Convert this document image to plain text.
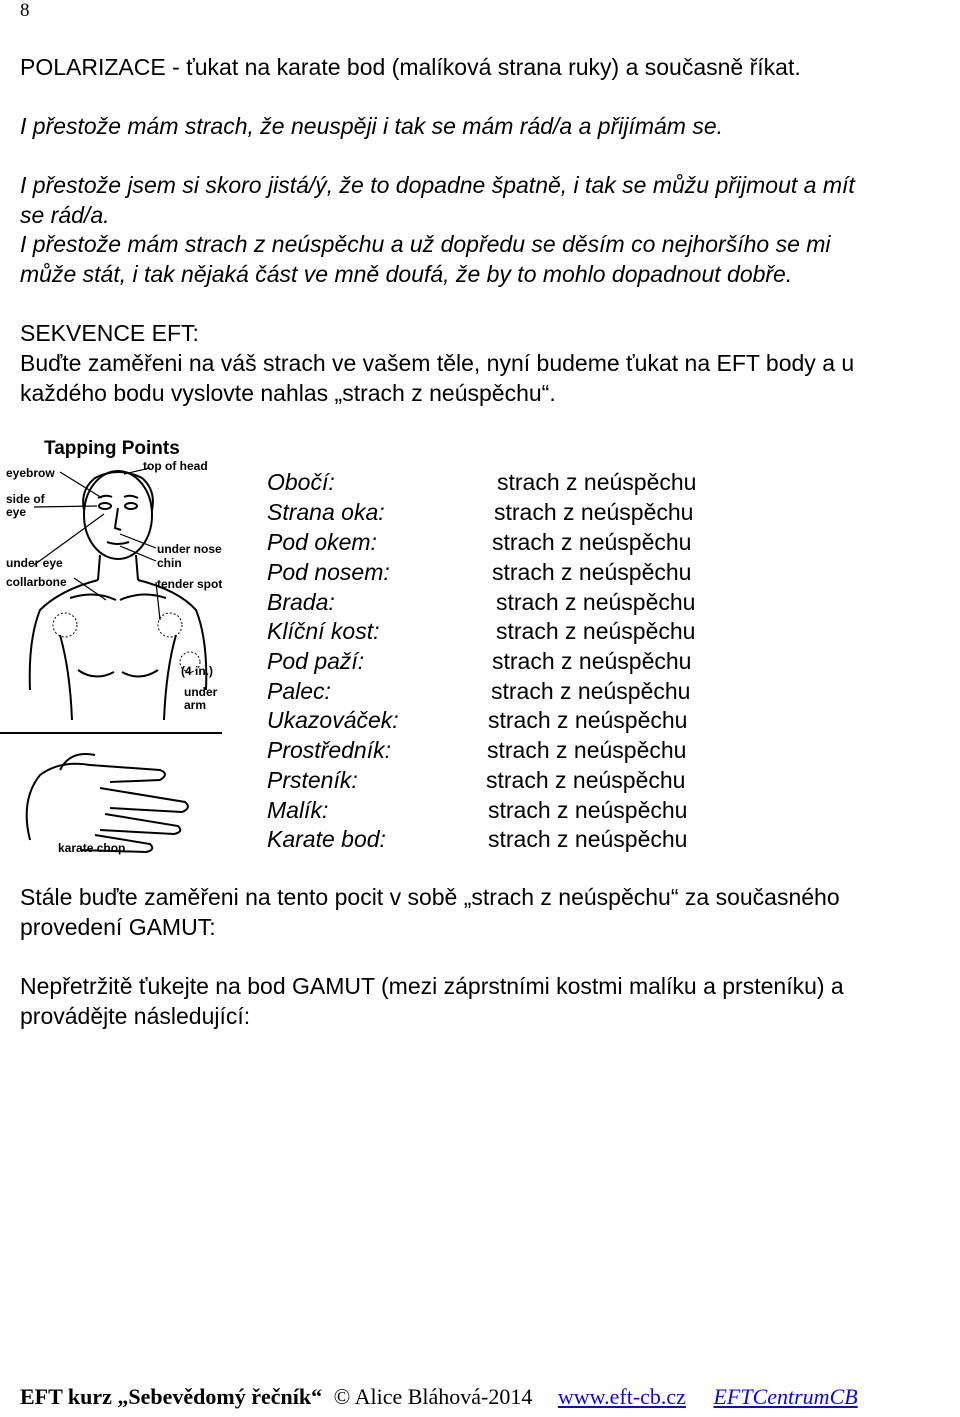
8
POLARIZACE - ťukat na karate bod (malíková strana ruky) a současně říkat.
I přestože mám strach, že neuspěji i tak se mám rád/a a přijímám se.
I přestože jsem si skoro jistá/ý, že to dopadne špatně, i tak se můžu přijmout a mít
se rád/a.
I přestože mám strach z neúspěchu a už dopředu se děsím co nejhoršího se mi
může stát, i tak nějaká část ve mně doufá, že by to mohlo dopadnout dobře.
SEKVENCE EFT:
Buďte zaměřeni na váš strach ve vašem těle, nyní budeme ťukat na EFT body a u
každého bodu vyslovte nahlas „strach z neúspěchu“.
Tapping Points
top of head
eyebrow
side of
eye
under eye
collarbone
under nose
chin
tender spot
(4 in.)
under
arm
karate chop
Obočí:	strach z neúspěchu
Strana oka:	strach z neúspěchu
Pod okem:	strach z neúspěchu
Pod nosem:	strach z neúspěchu
Brada:	strach z neúspěchu
Klíční kost:	strach z neúspěchu
Pod paží:	strach z neúspěchu
Palec:	strach z neúspěchu
Ukazováček:	strach z neúspěchu
Prostředník:	strach z neúspěchu
Prsteník:	strach z neúspěchu
Malík:	strach z neúspěchu
Karate bod:	strach z neúspěchu
Stále buďte zaměřeni na tento pocit v sobě „strach z neúspěchu“ za současného
provedení GAMUT:
Nepřetržitě ťukejte na bod GAMUT (mezi záprstními kostmi malíku a prsteníku) a
provádějte následující:
EFT kurz „Sebevědomý řečník“ © Alice Bláhová-2014 www.eft-cb.cz EFTCentrumCB
